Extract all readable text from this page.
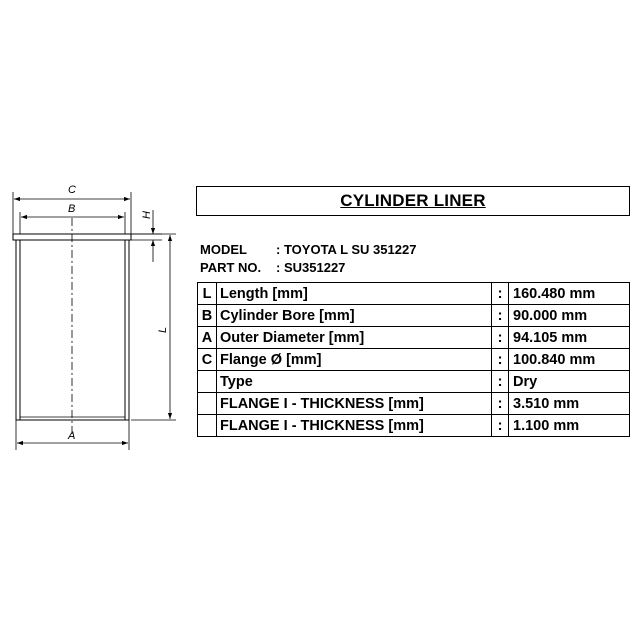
C
B
H
L
A
CYLINDER LINER
MODEL : TOYOTA L SU 351227
PART NO. : SU351227
L	Length [mm]	:	160.480 mm
B	Cylinder Bore [mm]	:	90.000 mm
A	Outer Diameter [mm]	:	94.105 mm
C	Flange Ø [mm]	:	100.840 mm
	Type	:	Dry
	FLANGE I - THICKNESS [mm]	:	3.510 mm
	FLANGE I - THICKNESS [mm]	:	1.100 mm
